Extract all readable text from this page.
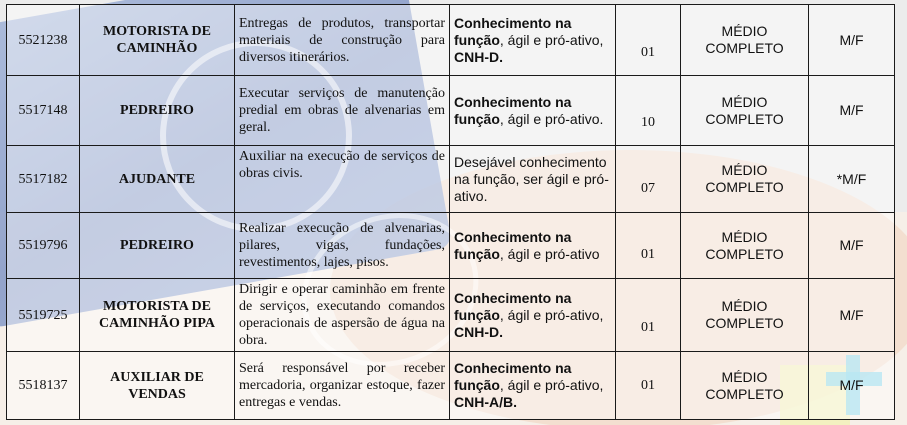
5521238	MOTORISTA DE CAMINHÃO	Entregas de produtos, transportar materiais de construção para diversos itinerários.	Conhecimento na função, ágil e pró-ativo, CNH-D.	01	MÉDIO COMPLETO	M/F
5517148	PEDREIRO	Executar serviços de manutenção predial em obras de alvenarias em geral.	Conhecimento na função, ágil e pró-ativo.	10	MÉDIO COMPLETO	M/F
5517182	AJUDANTE	Auxiliar na execução de serviços de obras civis.	Desejável conhecimento na função, ser ágil e pró-ativo.	07	MÉDIO COMPLETO	*M/F
5519796	PEDREIRO	Realizar execução de alvenarias, pilares, vigas, fundações, revestimentos, lajes, pisos.	Conhecimento na função, ágil e pró-ativo	01	MÉDIO COMPLETO	M/F
5519725	MOTORISTA DE CAMINHÃO PIPA	Dirigir e operar caminhão em frente de serviços, executando comandos operacionais de aspersão de água na obra.	Conhecimento na função, ágil e pró-ativo, CNH-D.	01	MÉDIO COMPLETO	M/F
5518137	AUXILIAR DE VENDAS	Será responsável por receber mercadoria, organizar estoque, fazer entregas e vendas.	Conhecimento na função, ágil e pró-ativo, CNH-A/B.	01	MÉDIO COMPLETO	M/F
